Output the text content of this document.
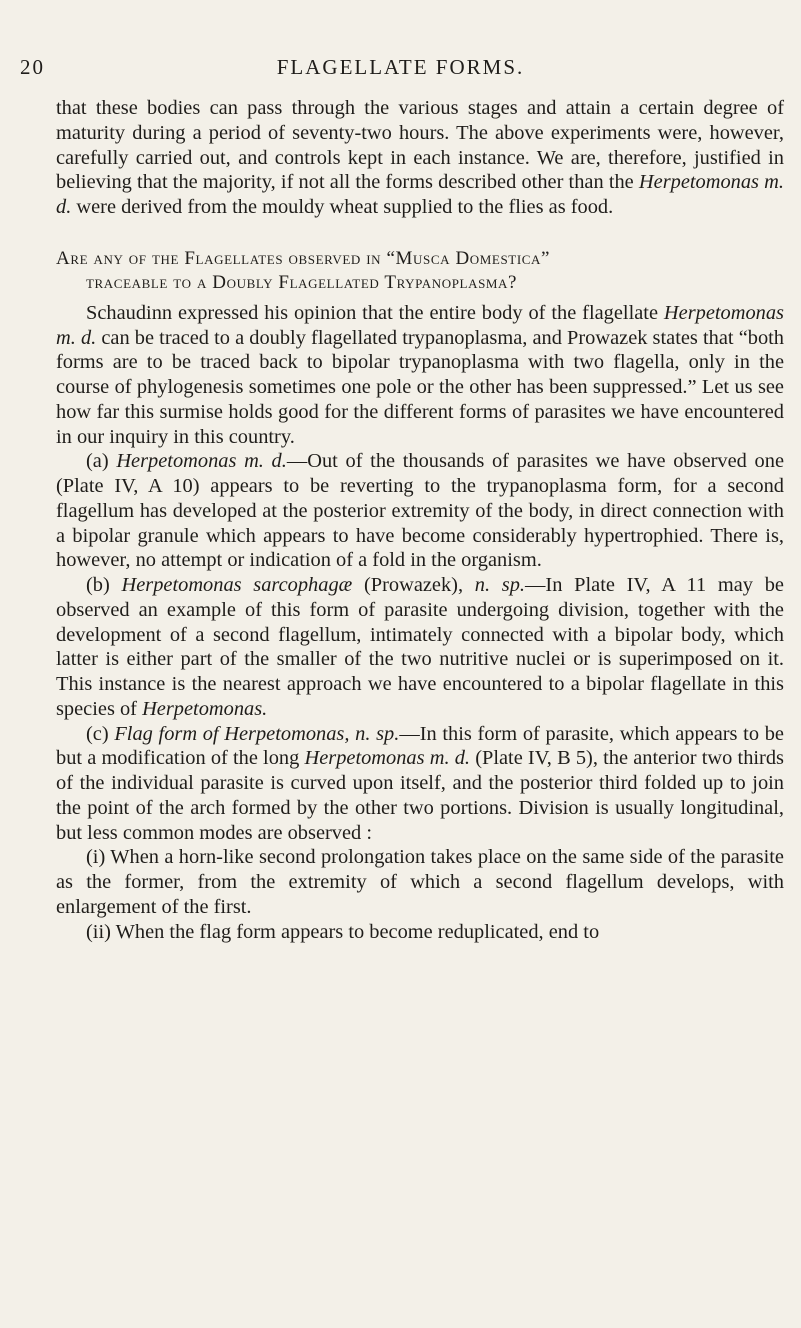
20	FLAGELLATE FORMS.

that these bodies can pass through the various stages and attain a certain degree of maturity during a period of seventy-two hours. The above experiments were, however, carefully carried out, and controls kept in each instance. We are, therefore, justified in believing that the majority, if not all the forms described other than the Herpetomonas m. d. were derived from the mouldy wheat supplied to the flies as food.

Are any of the Flagellates observed in “Musca Domestica”
traceable to a Doubly Flagellated Trypanoplasma?

Schaudinn expressed his opinion that the entire body of the flagellate Herpetomonas m. d. can be traced to a doubly flagellated trypanoplasma, and Prowazek states that “both forms are to be traced back to bipolar trypanoplasma with two flagella, only in the course of phylogenesis sometimes one pole or the other has been suppressed.” Let us see how far this surmise holds good for the different forms of parasites we have encountered in our inquiry in this country.

(a) Herpetomonas m. d.—Out of the thousands of parasites we have observed one (Plate IV, A 10) appears to be reverting to the trypanoplasma form, for a second flagellum has developed at the posterior extremity of the body, in direct connection with a bipolar granule which appears to have become considerably hypertrophied. There is, however, no attempt or indication of a fold in the organism.

(b) Herpetomonas sarcophagæ (Prowazek), n. sp.—In Plate IV, A 11 may be observed an example of this form of parasite undergoing division, together with the development of a second flagellum, intimately connected with a bipolar body, which latter is either part of the smaller of the two nutritive nuclei or is superimposed on it. This instance is the nearest approach we have encountered to a bipolar flagellate in this species of Herpetomonas.

(c) Flag form of Herpetomonas, n. sp.—In this form of parasite, which appears to be but a modification of the long Herpetomonas m. d. (Plate IV, B 5), the anterior two thirds of the individual parasite is curved upon itself, and the posterior third folded up to join the point of the arch formed by the other two portions. Division is usually longitudinal, but less common modes are observed :

(i) When a horn-like second prolongation takes place on the same side of the parasite as the former, from the extremity of which a second flagellum develops, with enlargement of the first.

(ii) When the flag form appears to become reduplicated, end to
